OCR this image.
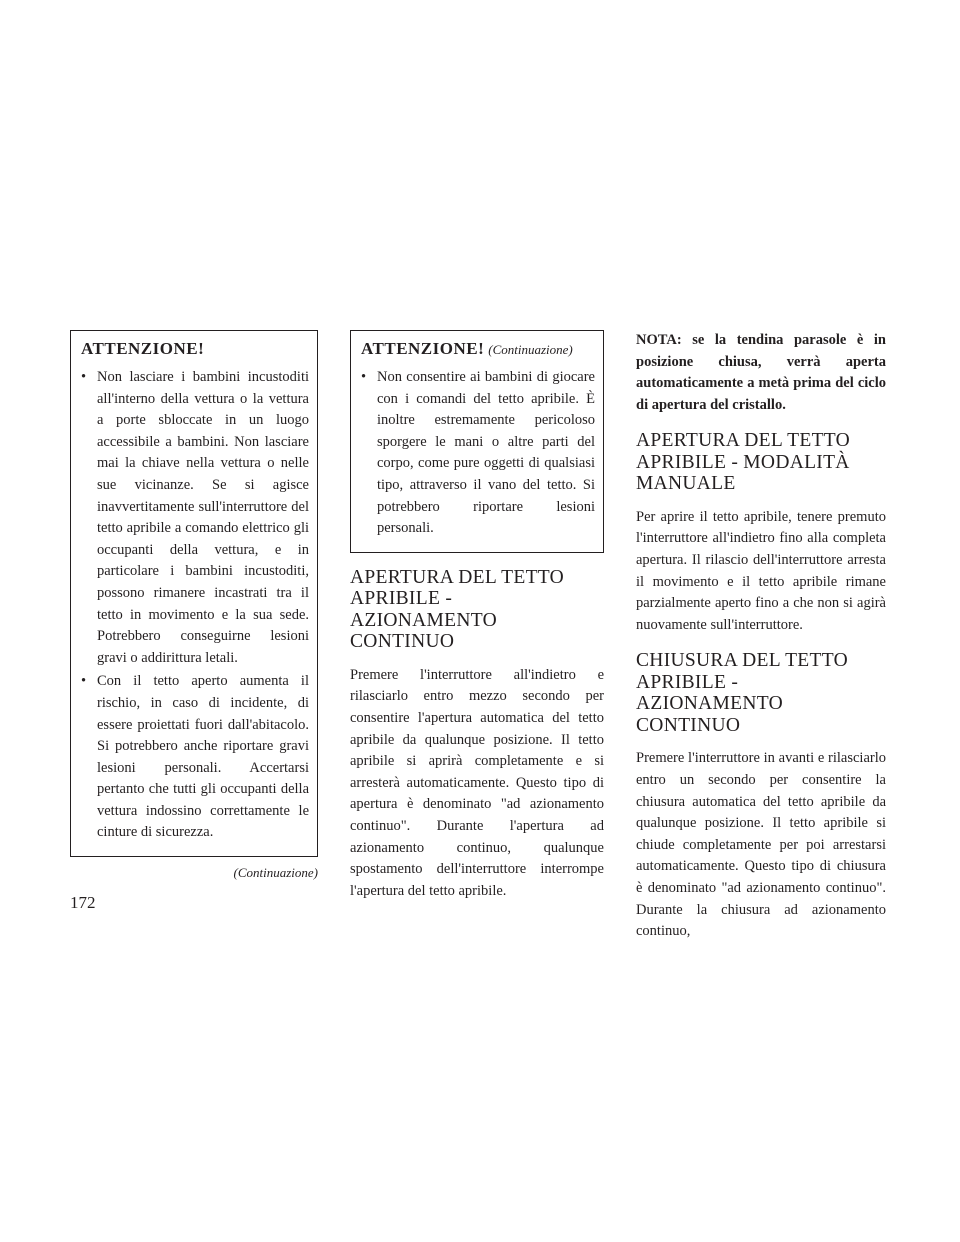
ATTENZIONE!
• Non lasciare i bambini incustoditi all'interno della vettura o la vettura a porte sbloccate in un luogo accessibile a bambini. Non lasciare mai la chiave nella vettura o nelle sue vicinanze. Se si agisce inavvertitamente sull'interruttore del tetto apribile a comando elettrico gli occupanti della vettura, e in particolare i bambini incustoditi, possono rimanere incastrati tra il tetto in movimento e la sua sede. Potrebbero conseguirne lesioni gravi o addirittura letali.
• Con il tetto aperto aumenta il rischio, in caso di incidente, di essere proiettati fuori dall'abitacolo. Si potrebbero anche riportare gravi lesioni personali. Accertarsi pertanto che tutti gli occupanti della vettura indossino correttamente le cinture di sicurezza.
(Continuazione)
ATTENZIONE! (Continuazione)
• Non consentire ai bambini di giocare con i comandi del tetto apribile. È inoltre estremamente pericoloso sporgere le mani o altre parti del corpo, come pure oggetti di qualsiasi tipo, attraverso il vano del tetto. Si potrebbero riportare lesioni personali.
APERTURA DEL TETTO
APRIBILE -
AZIONAMENTO CONTINUO

Premere l'interruttore all'indietro e rilasciarlo entro mezzo secondo per consentire l'apertura automatica del tetto apribile da qualunque posizione. Il tetto apribile si aprirà completamente e si arresterà automaticamente. Questo tipo di apertura è denominato "ad azionamento continuo". Durante l'apertura ad azionamento continuo, qualunque spostamento dell'interruttore interrompe l'apertura del tetto apribile.

NOTA: se la tendina parasole è in posizione chiusa, verrà aperta automaticamente a metà prima del ciclo di apertura del cristallo.

APERTURA DEL TETTO
APRIBILE - MODALITÀ
MANUALE

Per aprire il tetto apribile, tenere premuto l'interruttore all'indietro fino alla completa apertura. Il rilascio dell'interruttore arresta il movimento e il tetto apribile rimane parzialmente aperto fino a che non si agirà nuovamente sull'interruttore.

CHIUSURA DEL TETTO
APRIBILE -
AZIONAMENTO CONTINUO

Premere l'interruttore in avanti e rilasciarlo entro un secondo per consentire la chiusura automatica del tetto apribile da qualunque posizione. Il tetto apribile si chiude completamente per poi arrestarsi automaticamente. Questo tipo di chiusura è denominato "ad azionamento continuo". Durante la chiusura ad azionamento continuo,

172
